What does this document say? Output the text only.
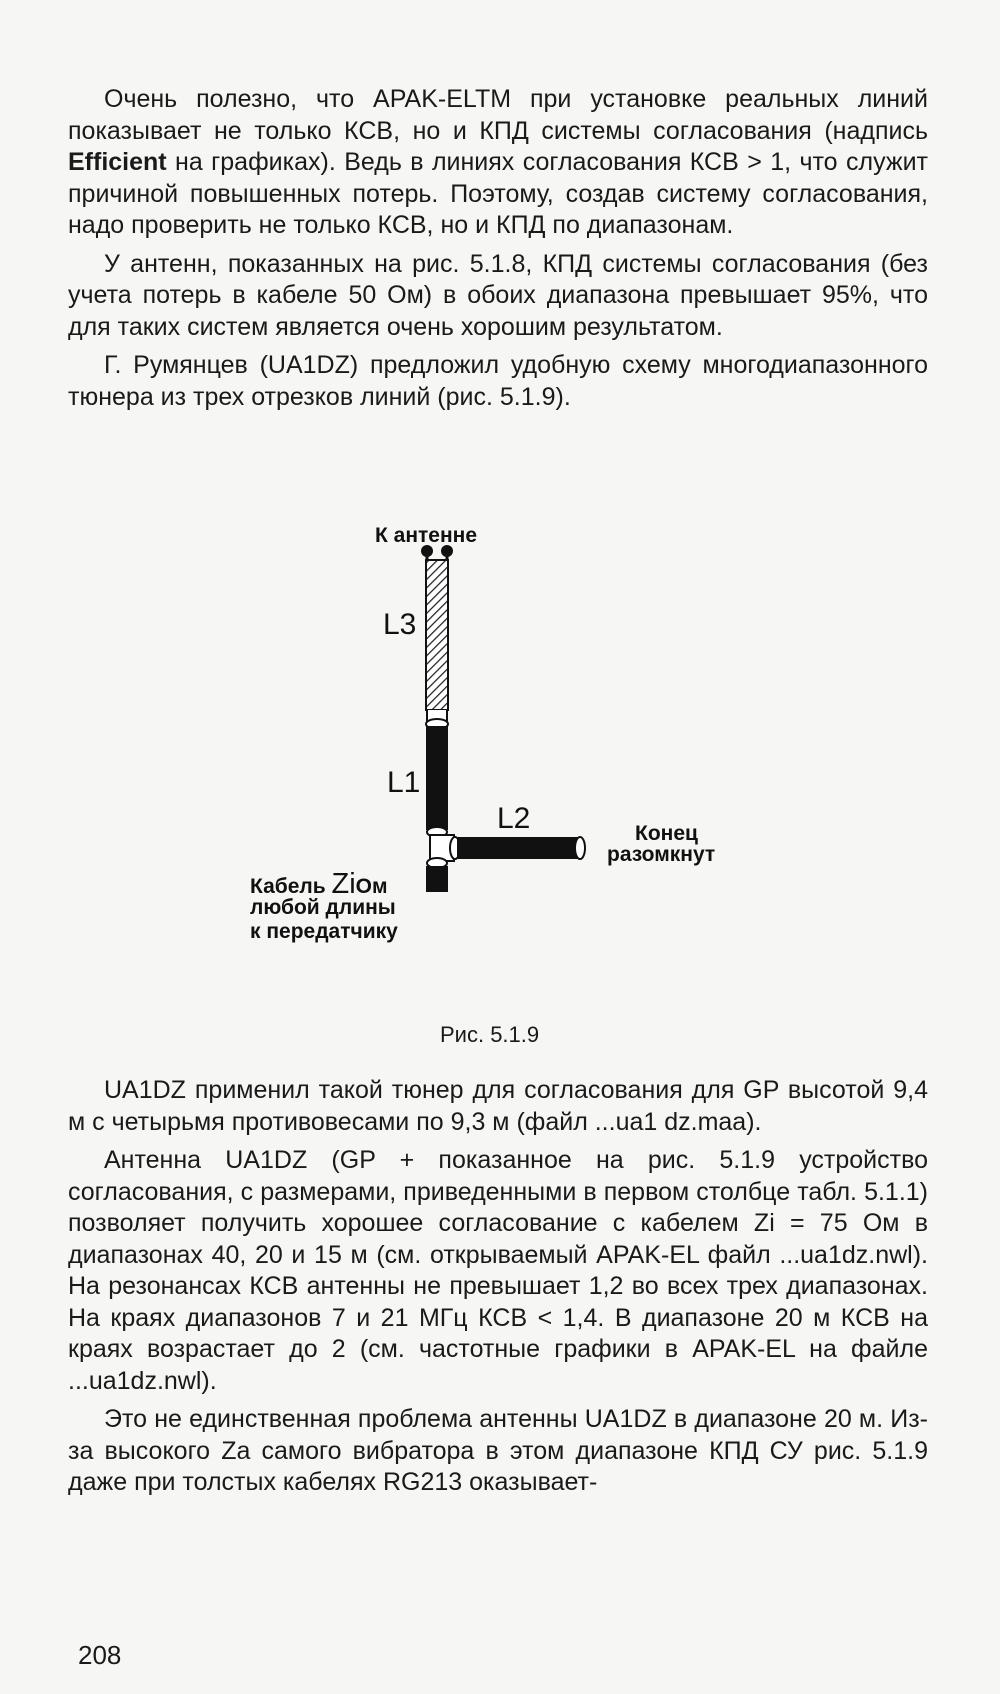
Очень полезно, что APAK-ELTM при установке реальных линий показывает не только КСВ, но и КПД системы согласования (надпись Efficient на графиках). Ведь в линиях согласования КСВ > 1, что служит причиной повышенных потерь. Поэтому, создав систему согласования, надо проверить не только КСВ, но и КПД по диапазонам.

У антенн, показанных на рис. 5.1.8, КПД системы согласования (без учета потерь в кабеле 50 Ом) в обоих диапазона превышает 95%, что для таких систем является очень хорошим результатом.

Г. Румянцев (UA1DZ) предложил удобную схему многодиапазонного тюнера из трех отрезков линий (рис. 5.1.9).

К антенне
L3
L1
L2	Конец
разомкнут
Кабель ZiОм
любой длины
к передатчику
Рис. 5.1.9

UA1DZ применил такой тюнер для согласования для GP высотой 9,4 м с четырьмя противовесами по 9,3 м (файл ...ua1 dz.maa).

Антенна UA1DZ (GP + показанное на рис. 5.1.9 устройство согласования, с размерами, приведенными в первом столбце табл. 5.1.1) позволяет получить хорошее согласование с кабелем Zi = 75 Ом в диапазонах 40, 20 и 15 м (см. открываемый APAK-EL файл ...ua1dz.nwl). На резонансах КСВ антенны не превышает 1,2 во всех трех диапазонах. На краях диапазонов 7 и 21 МГц КСВ < 1,4. В диапазоне 20 м КСВ на краях возрастает до 2 (см. частотные графики в APAK-EL на файле ...ua1dz.nwl).

Это не единственная проблема антенны UA1DZ в диапазоне 20 м. Из-за высокого Za самого вибратора в этом диапазоне КПД СУ рис. 5.1.9 даже при толстых кабелях RG213 оказывает-

208
